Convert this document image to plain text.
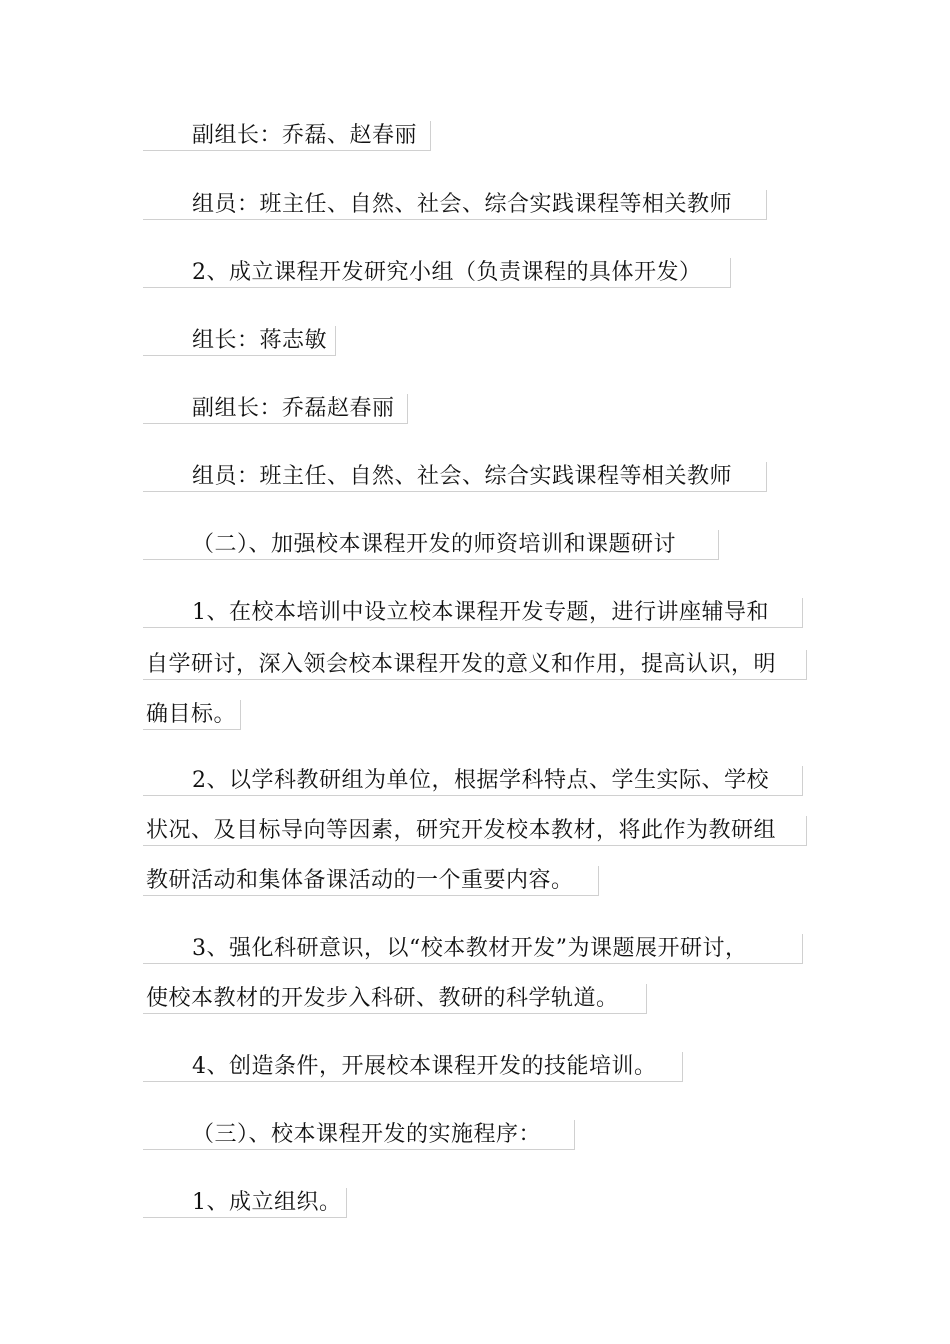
副组长：乔磊、赵春丽
组员：班主任、自然、社会、综合实践课程等相关教师
2、成立课程开发研究小组（负责课程的具体开发）
组长：蒋志敏
副组长：乔磊赵春丽
组员：班主任、自然、社会、综合实践课程等相关教师
（二）、加强校本课程开发的师资培训和课题研讨
1、在校本培训中设立校本课程开发专题，进行讲座辅导和
自学研讨，深入领会校本课程开发的意义和作用，提高认识，明
确目标。
2、以学科教研组为单位，根据学科特点、学生实际、学校
状况、及目标导向等因素，研究开发校本教材，将此作为教研组
教研活动和集体备课活动的一个重要内容。
3、强化科研意识，以“校本教材开发”为课题展开研讨，
使校本教材的开发步入科研、教研的科学轨道。
4、创造条件，开展校本课程开发的技能培训。
（三）、校本课程开发的实施程序：
1、成立组织。
